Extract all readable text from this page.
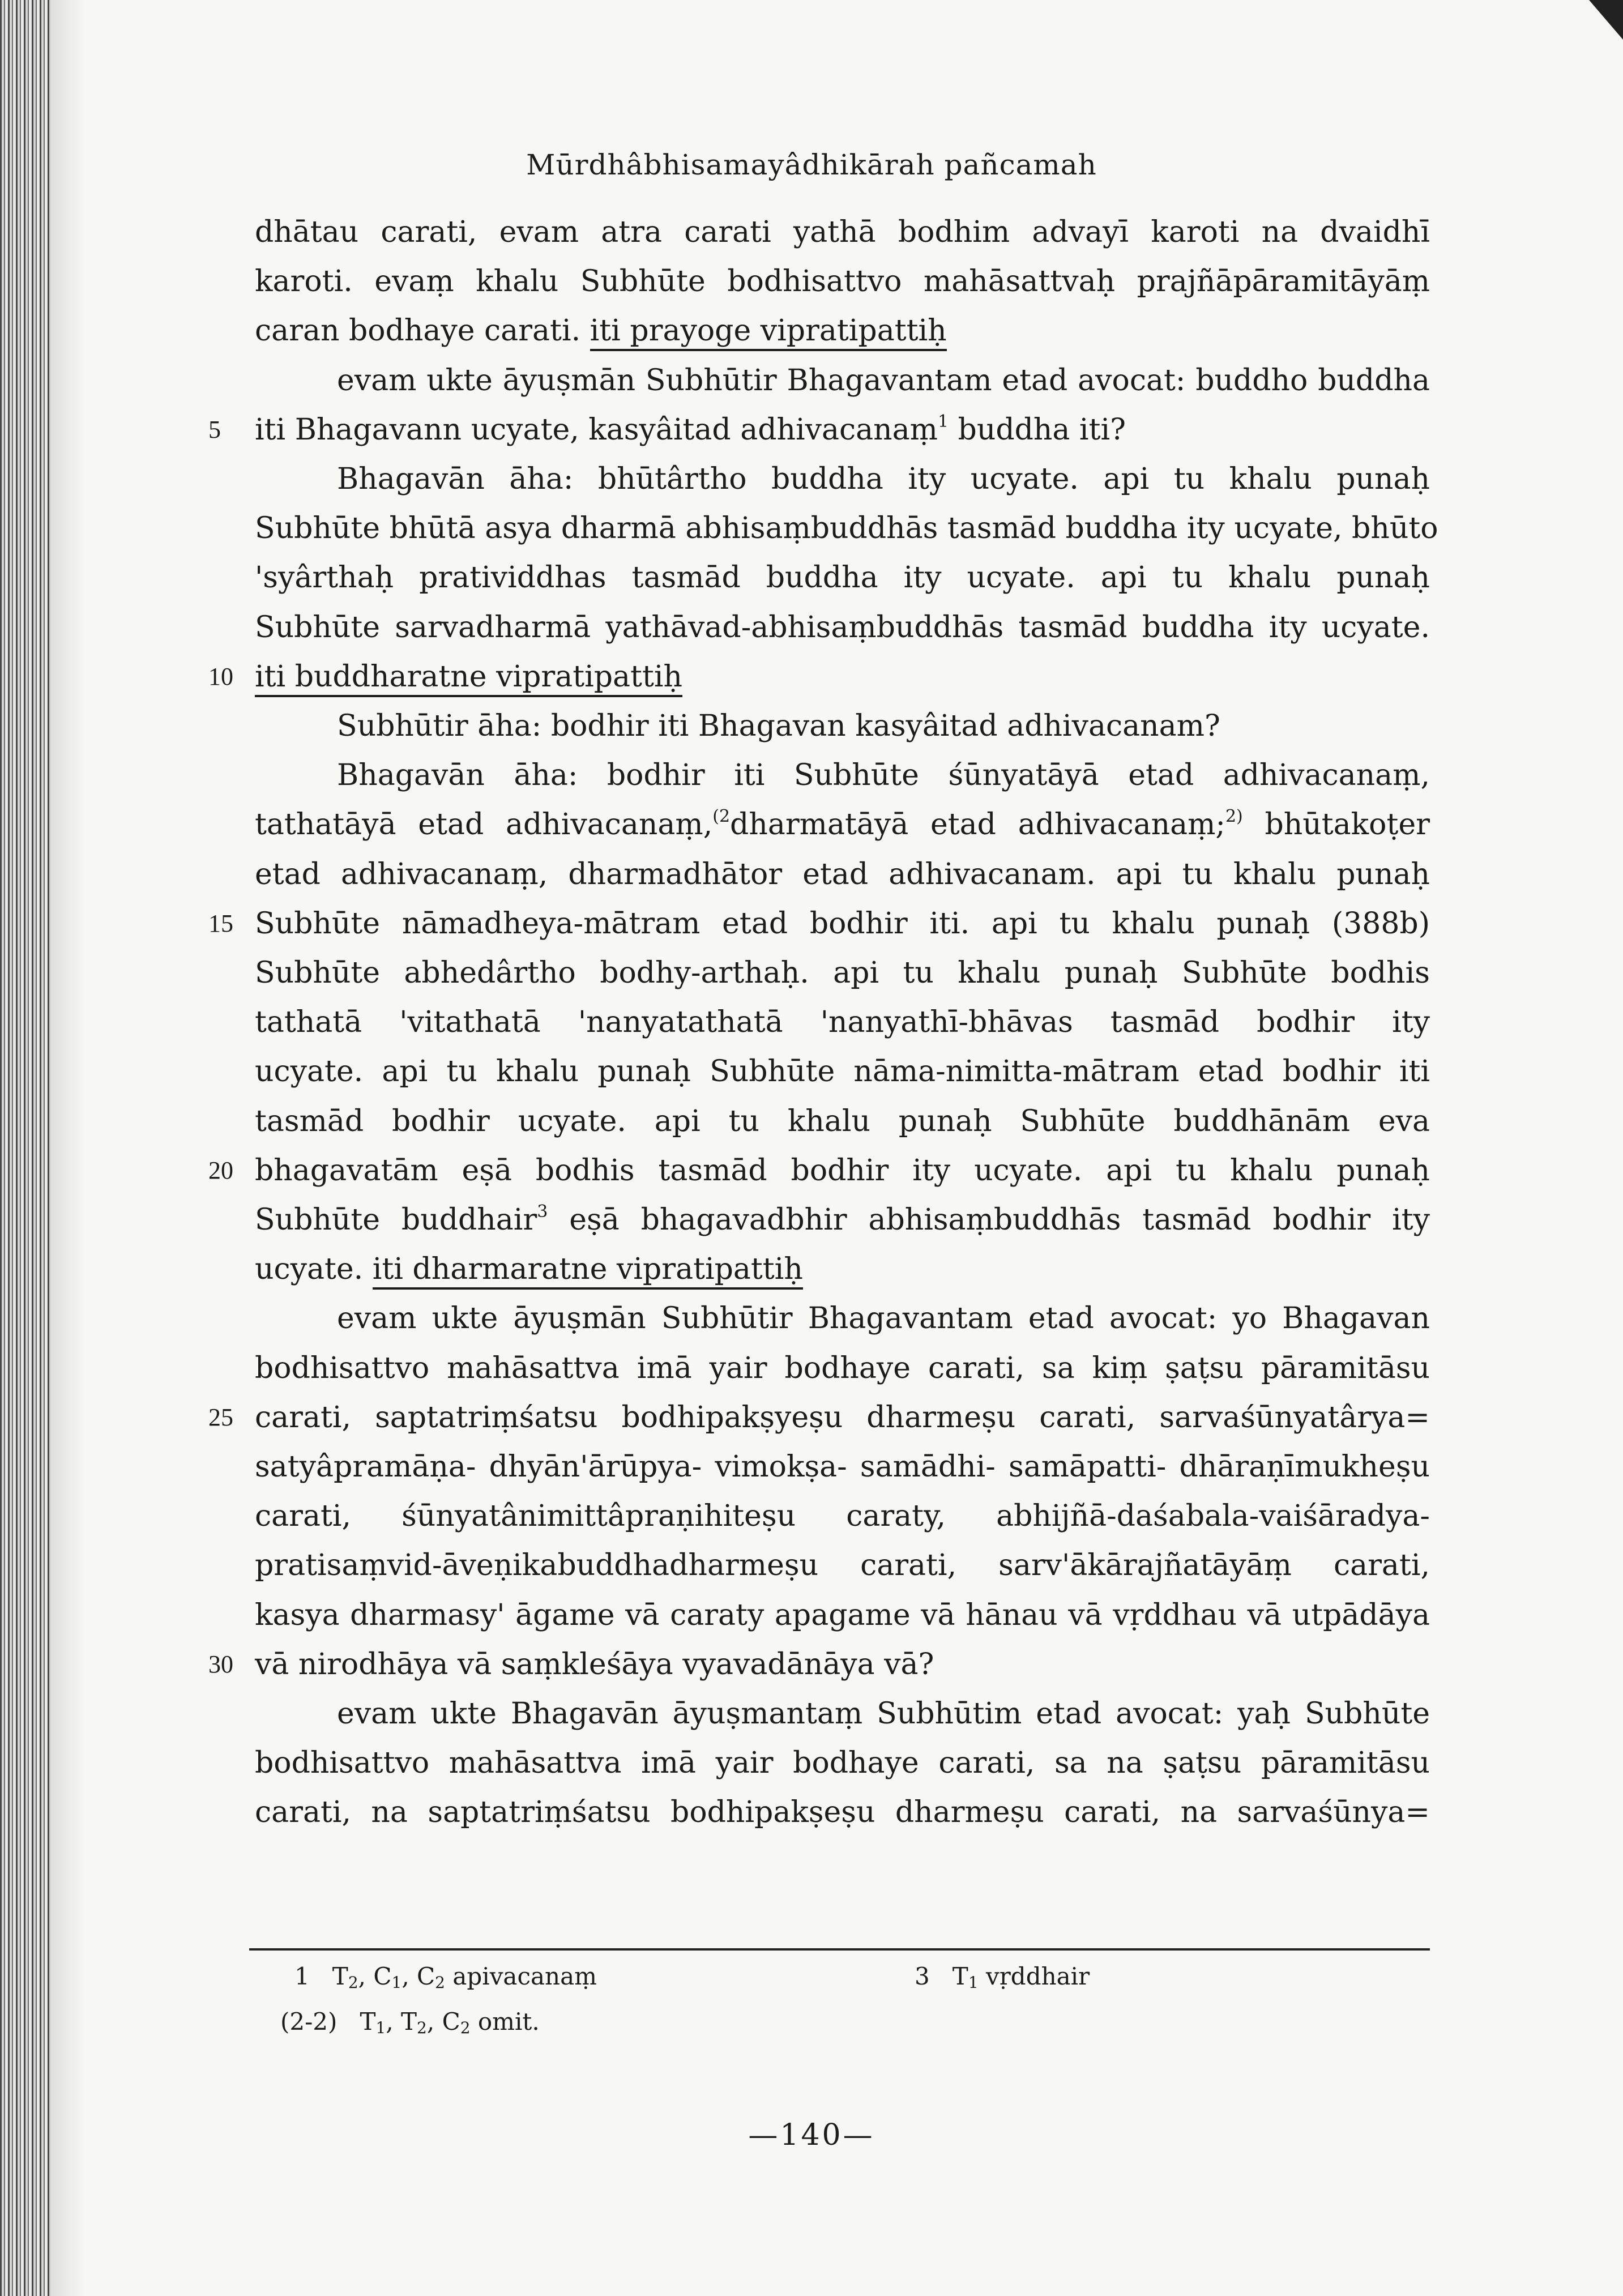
Mūrdhâbhisamayâdhikārah pañcamah
dhātau carati, evam atra carati yathā bodhim advayī karoti na dvaidhī
karoti. evaṃ khalu Subhūte bodhisattvo mahāsattvaḥ prajñāpāramitāyāṃ
caran bodhaye carati. iti prayoge vipratipattiḥ
evam ukte āyuṣmān Subhūtir Bhagavantam etad avocat: buddho buddha
iti Bhagavann ucyate, kasyâitad adhivacanaṃ$^1$ buddha iti?
5
Bhagavān āha: bhūtârtho buddha ity ucyate. api tu khalu punaḥ
Subhūte bhūtā asya dharmā abhisaṃbuddhās tasmād buddha ity ucyate, bhūto
'syârthaḥ pratividdhas tasmād buddha ity ucyate. api tu khalu punaḥ
Subhūte sarvadharmā yathāvad-abhisaṃbuddhās tasmād buddha ity ucyate.
iti buddharatne vipratipattiḥ
10
Subhūtir āha: bodhir iti Bhagavan kasyâitad adhivacanam?
Bhagavān āha: bodhir iti Subhūte śūnyatāyā etad adhivacanaṃ,
tathatāyā etad adhivacanaṃ,$^{(2}$dharmatāyā etad adhivacanaṃ;$^{2)}$ bhūtakoṭer
etad adhivacanaṃ, dharmadhātor etad adhivacanam. api tu khalu punaḥ
Subhūte nāmadheya-mātram etad bodhir iti. api tu khalu punaḥ (388b)
15
Subhūte abhedârtho bodhy-arthaḥ. api tu khalu punaḥ Subhūte bodhis
tathatā 'vitathatā 'nanyatathatā 'nanyathī-bhāvas tasmād bodhir ity
ucyate. api tu khalu punaḥ Subhūte nāma-nimitta-mātram etad bodhir iti
tasmād bodhir ucyate. api tu khalu punaḥ Subhūte buddhānām eva
bhagavatām eṣā bodhis tasmād bodhir ity ucyate. api tu khalu punaḥ
20
Subhūte buddhair$^3$ eṣā bhagavadbhir abhisaṃbuddhās tasmād bodhir ity
ucyate. iti dharmaratne vipratipattiḥ
evam ukte āyuṣmān Subhūtir Bhagavantam etad avocat: yo Bhagavan
bodhisattvo mahāsattva imā yair bodhaye carati, sa kiṃ ṣaṭsu pāramitāsu
carati, saptatriṃśatsu bodhipakṣyeṣu dharmeṣu carati, sarvaśūnyatârya=
25
satyâpramāṇa- dhyān'ārūpya- vimokṣa- samādhi- samāpatti- dhāraṇīmukheṣu
carati, śūnyatânimittâpraṇihiteṣu caraty, abhijñā-daśabala-vaiśāradya-
pratisaṃvid-āveṇikabuddhadharmeṣu carati, sarv'ākārajñatāyāṃ carati,
kasya dharmasy' āgame vā caraty apagame vā hānau vā vṛddhau vā utpādāya
vā nirodhāya vā saṃkleśāya vyavadānāya vā?
30
evam ukte Bhagavān āyuṣmantaṃ Subhūtim etad avocat: yaḥ Subhūte
bodhisattvo mahāsattva imā yair bodhaye carati, sa na ṣaṭsu pāramitāsu
carati, na saptatriṃśatsu bodhipakṣeṣu dharmeṣu carati, na sarvaśūnya=
1 $T_2$, $C_1$, $C_2$ apivacanaṃ	3 $T_1$ vṛddhair
(2-2) $T_1$, $T_2$, $C_2$ omit.
—140—
